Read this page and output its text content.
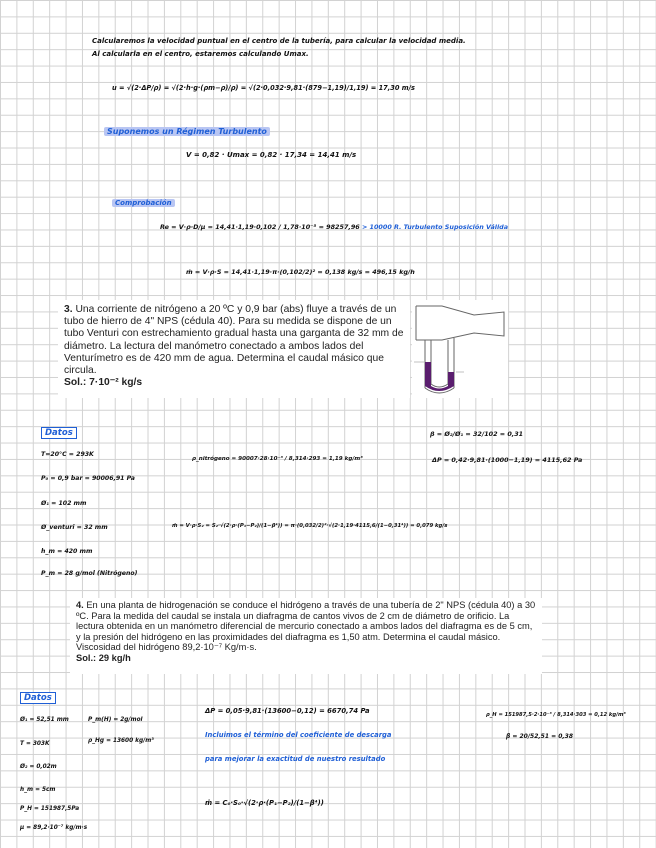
Calcularemos la velocidad puntual en el centro de la tubería, para calcular la velocidad media.
Al calcularla en el centro, estaremos calculando Umax.
u = √(2·ΔP/ρ) = √(2·h·g·(ρm−ρ)/ρ) = √(2·0,032·9,81·(879−1,19)/1,19) = 17,30 m/s
Suponemos un Régimen Turbulento
V = 0,82 · Umax = 0,82 · 17,34 = 14,41 m/s
Comprobación
Re = V·ρ·D/μ = 14,41·1,19·0,102 / 1,78·10⁻⁵ = 98257,96 > 10000 R. Turbulento Suposición Válida
ṁ = V·ρ·S = 14,41·1,19·π·(0,102/2)² = 0,138 kg/s = 496,15 kg/h

3. Una corriente de nitrógeno a 20 ºC y 0,9 bar (abs) fluye a través de un tubo de hierro de 4" NPS (cédula 40). Para su medida se dispone de un tubo Venturi con estrechamiento gradual hasta una garganta de 32 mm de diámetro. La lectura del manómetro conectado a ambos lados del Venturímetro es de 420 mm de agua. Determina el caudal másico que circula.

Sol.: 7·10⁻² kg/s

Datos
T=20°C = 293K
P₀ = 0,9 bar = 90006,91 Pa
Ø₁ = 102 mm
Ø_venturi = 32 mm
h_m = 420 mm
P_m = 28 g/mol (Nitrógeno)
ρ_nitrógeno = 90007·28·10⁻³ / 8,314·293 = 1,19 kg/m³
β = Ø₂/Ø₁ = 32/102 = 0,31
ΔP = 0,42·9,81·(1000−1,19) = 4115,62 Pa
ṁ = V·ρ·S₂ = S₂·√(2·ρ·(P₁−P₂)/(1−β⁴)) = π·(0,032/2)²·√(2·1,19·4115,6/(1−0,31⁴)) = 0,079 kg/s

4. En una planta de hidrogenación se conduce el hidrógeno a través de una tubería de 2" NPS (cédula 40) a 30 ºC. Para la medida del caudal se instala un diafragma de cantos vivos de 2 cm de diámetro de orificio. La lectura obtenida en un manómetro diferencial de mercurio conectado a ambos lados del diafragma es de 5 cm, y la presión del hidrógeno en las proximidades del diafragma es 1,50 atm. Determina el caudal másico. Viscosidad del hidrógeno 89,2·10⁻⁷ Kg/m·s.

Sol.: 29 kg/h

Datos
Ø₁ = 52,51 mm
T = 303K
Ø₂ = 0,02m
h_m = 5cm
P_H = 151987,5Pa
μ = 89,2·10⁻⁷ kg/m·s
P_m(H) = 2g/mol
ρ_Hg = 13600 kg/m³
ΔP = 0,05·9,81·(13600−0,12) = 6670,74 Pa
Incluimos el término del coeficiente de descarga
para mejorar la exactitud de nuestro resultado
ṁ = C₀·S₀·√(2·ρ·(P₁−P₂)/(1−β⁴))
ρ_H = 151987,5·2·10⁻³ / 8,314·303 = 0,12 kg/m³
β = 20/52,51 = 0,38
